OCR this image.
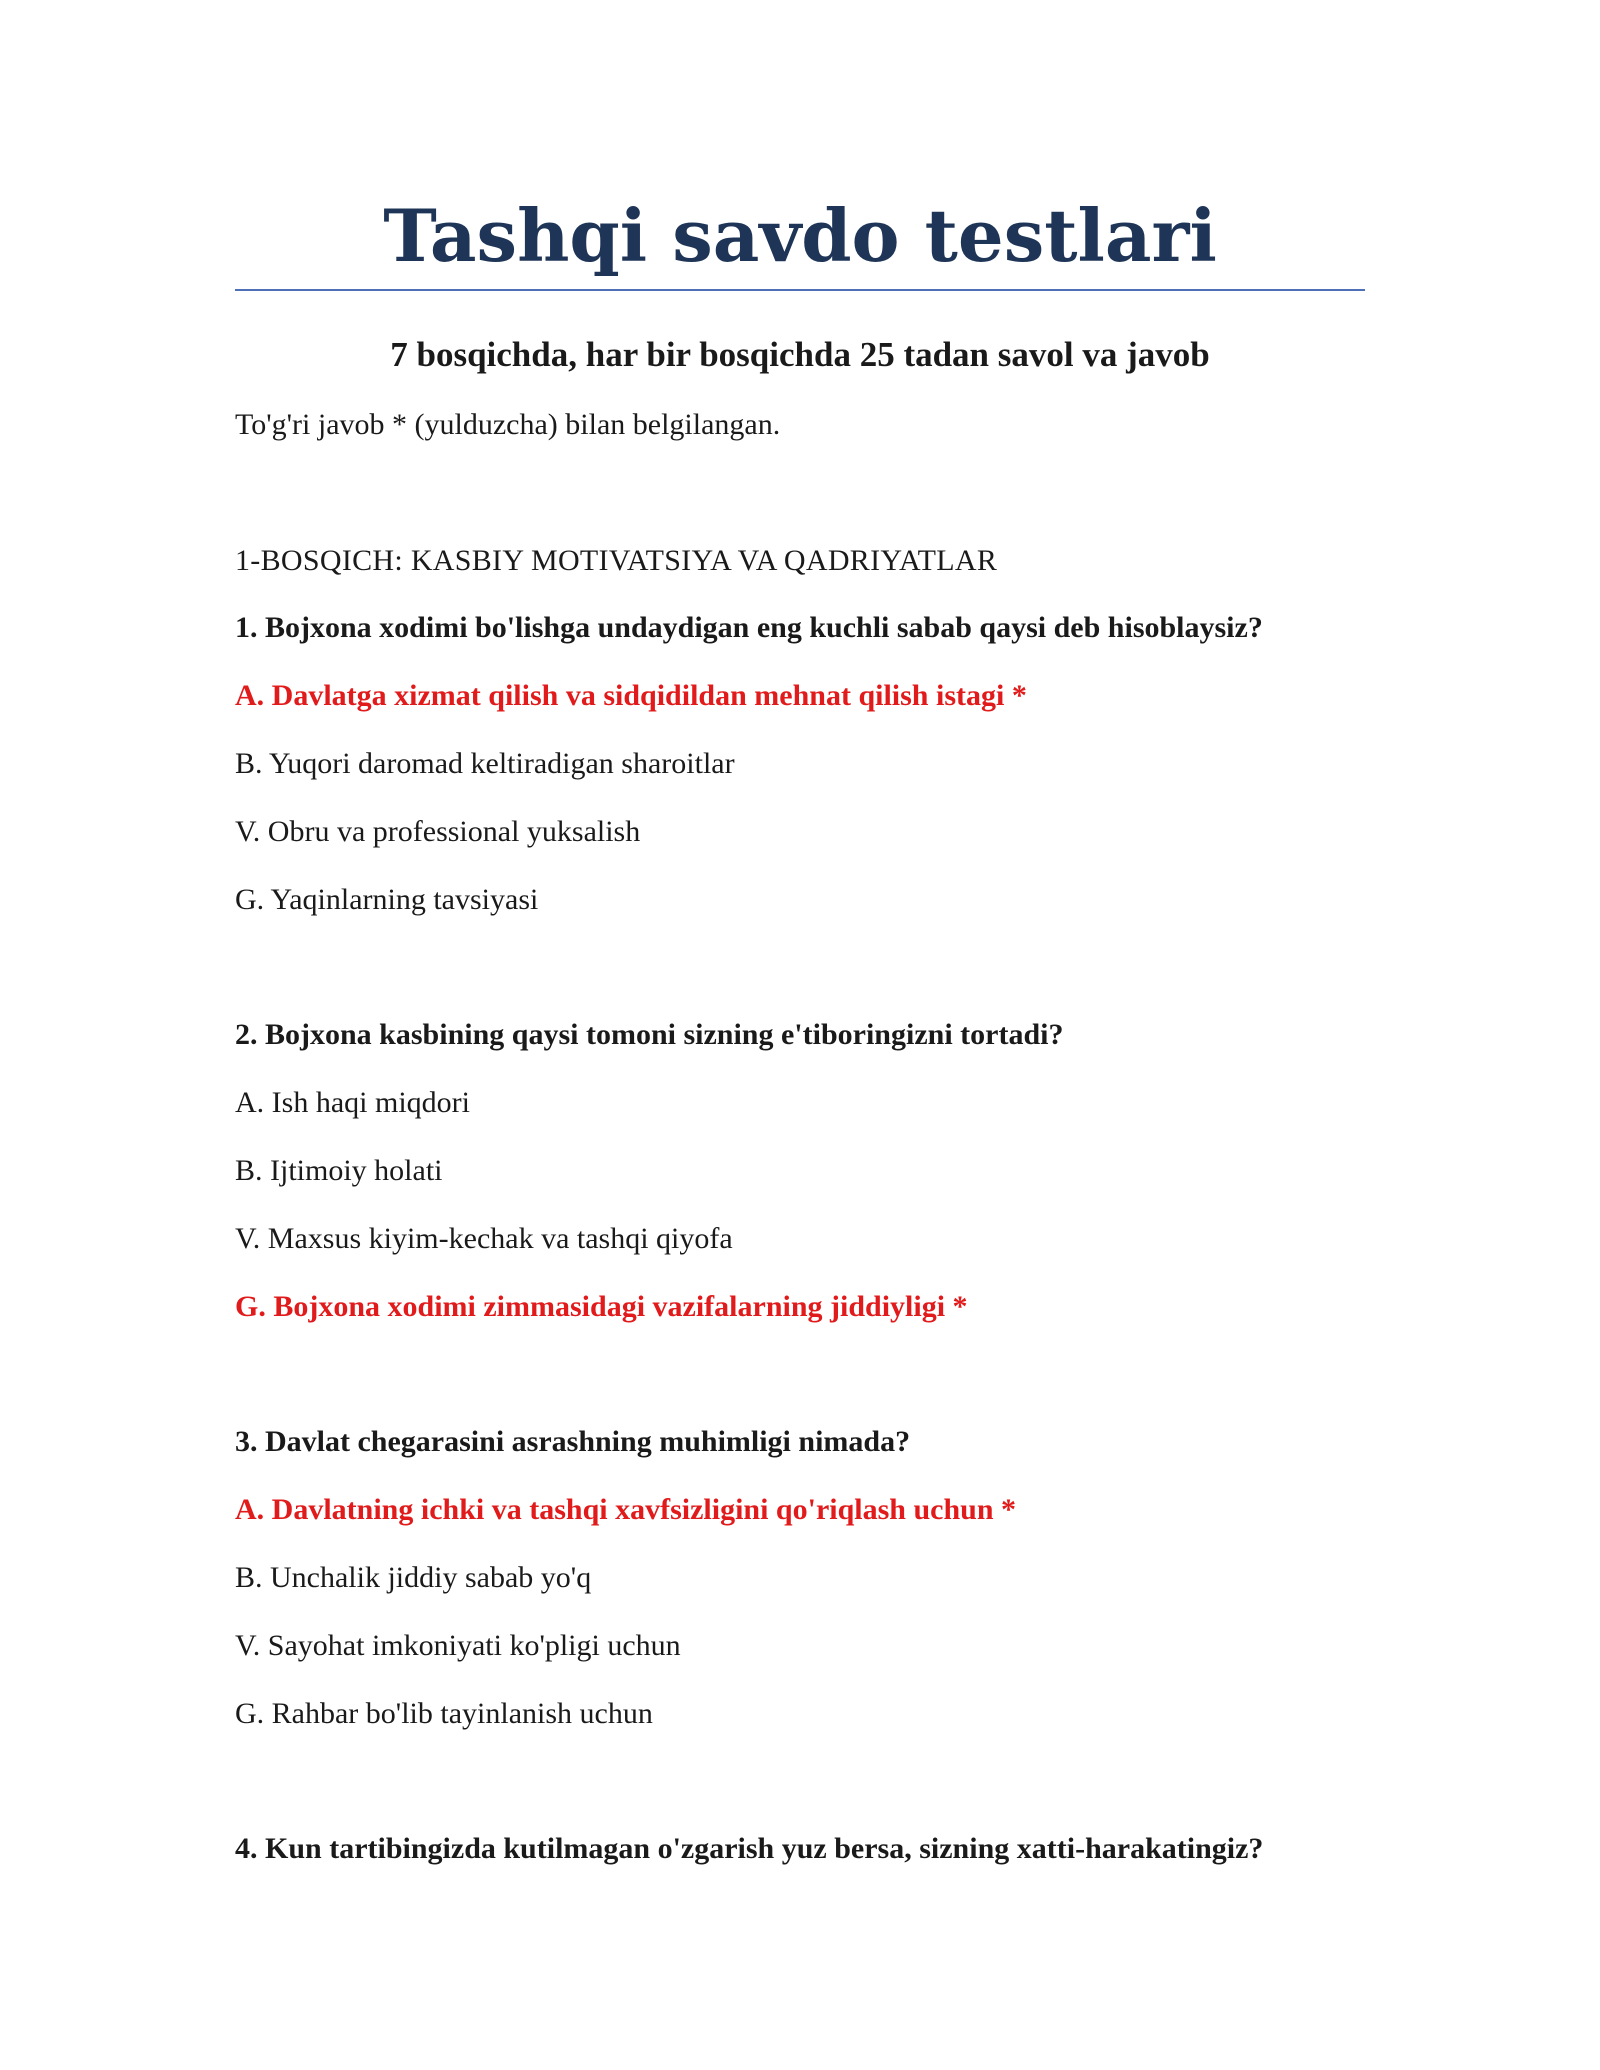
Tashqi savdo testlari
7 bosqichda, har bir bosqichda 25 tadan savol va javob

To'g'ri javob * (yulduzcha) bilan belgilangan.

1-BOSQICH: KASBIY MOTIVATSIYA VA QADRIYATLAR

1. Bojxona xodimi bo'lishga undaydigan eng kuchli sabab qaysi deb hisoblaysiz?

A. Davlatga xizmat qilish va sidqidildan mehnat qilish istagi *

B. Yuqori daromad keltiradigan sharoitlar

V. Obru va professional yuksalish

G. Yaqinlarning tavsiyasi

2. Bojxona kasbining qaysi tomoni sizning e'tiboringizni tortadi?

A. Ish haqi miqdori

B. Ijtimoiy holati

V. Maxsus kiyim-kechak va tashqi qiyofa

G. Bojxona xodimi zimmasidagi vazifalarning jiddiyligi *

3. Davlat chegarasini asrashning muhimligi nimada?

A. Davlatning ichki va tashqi xavfsizligini qo'riqlash uchun *

B. Unchalik jiddiy sabab yo'q

V. Sayohat imkoniyati ko'pligi uchun

G. Rahbar bo'lib tayinlanish uchun

4. Kun tartibingizda kutilmagan o'zgarish yuz bersa, sizning xatti-harakatingiz?
